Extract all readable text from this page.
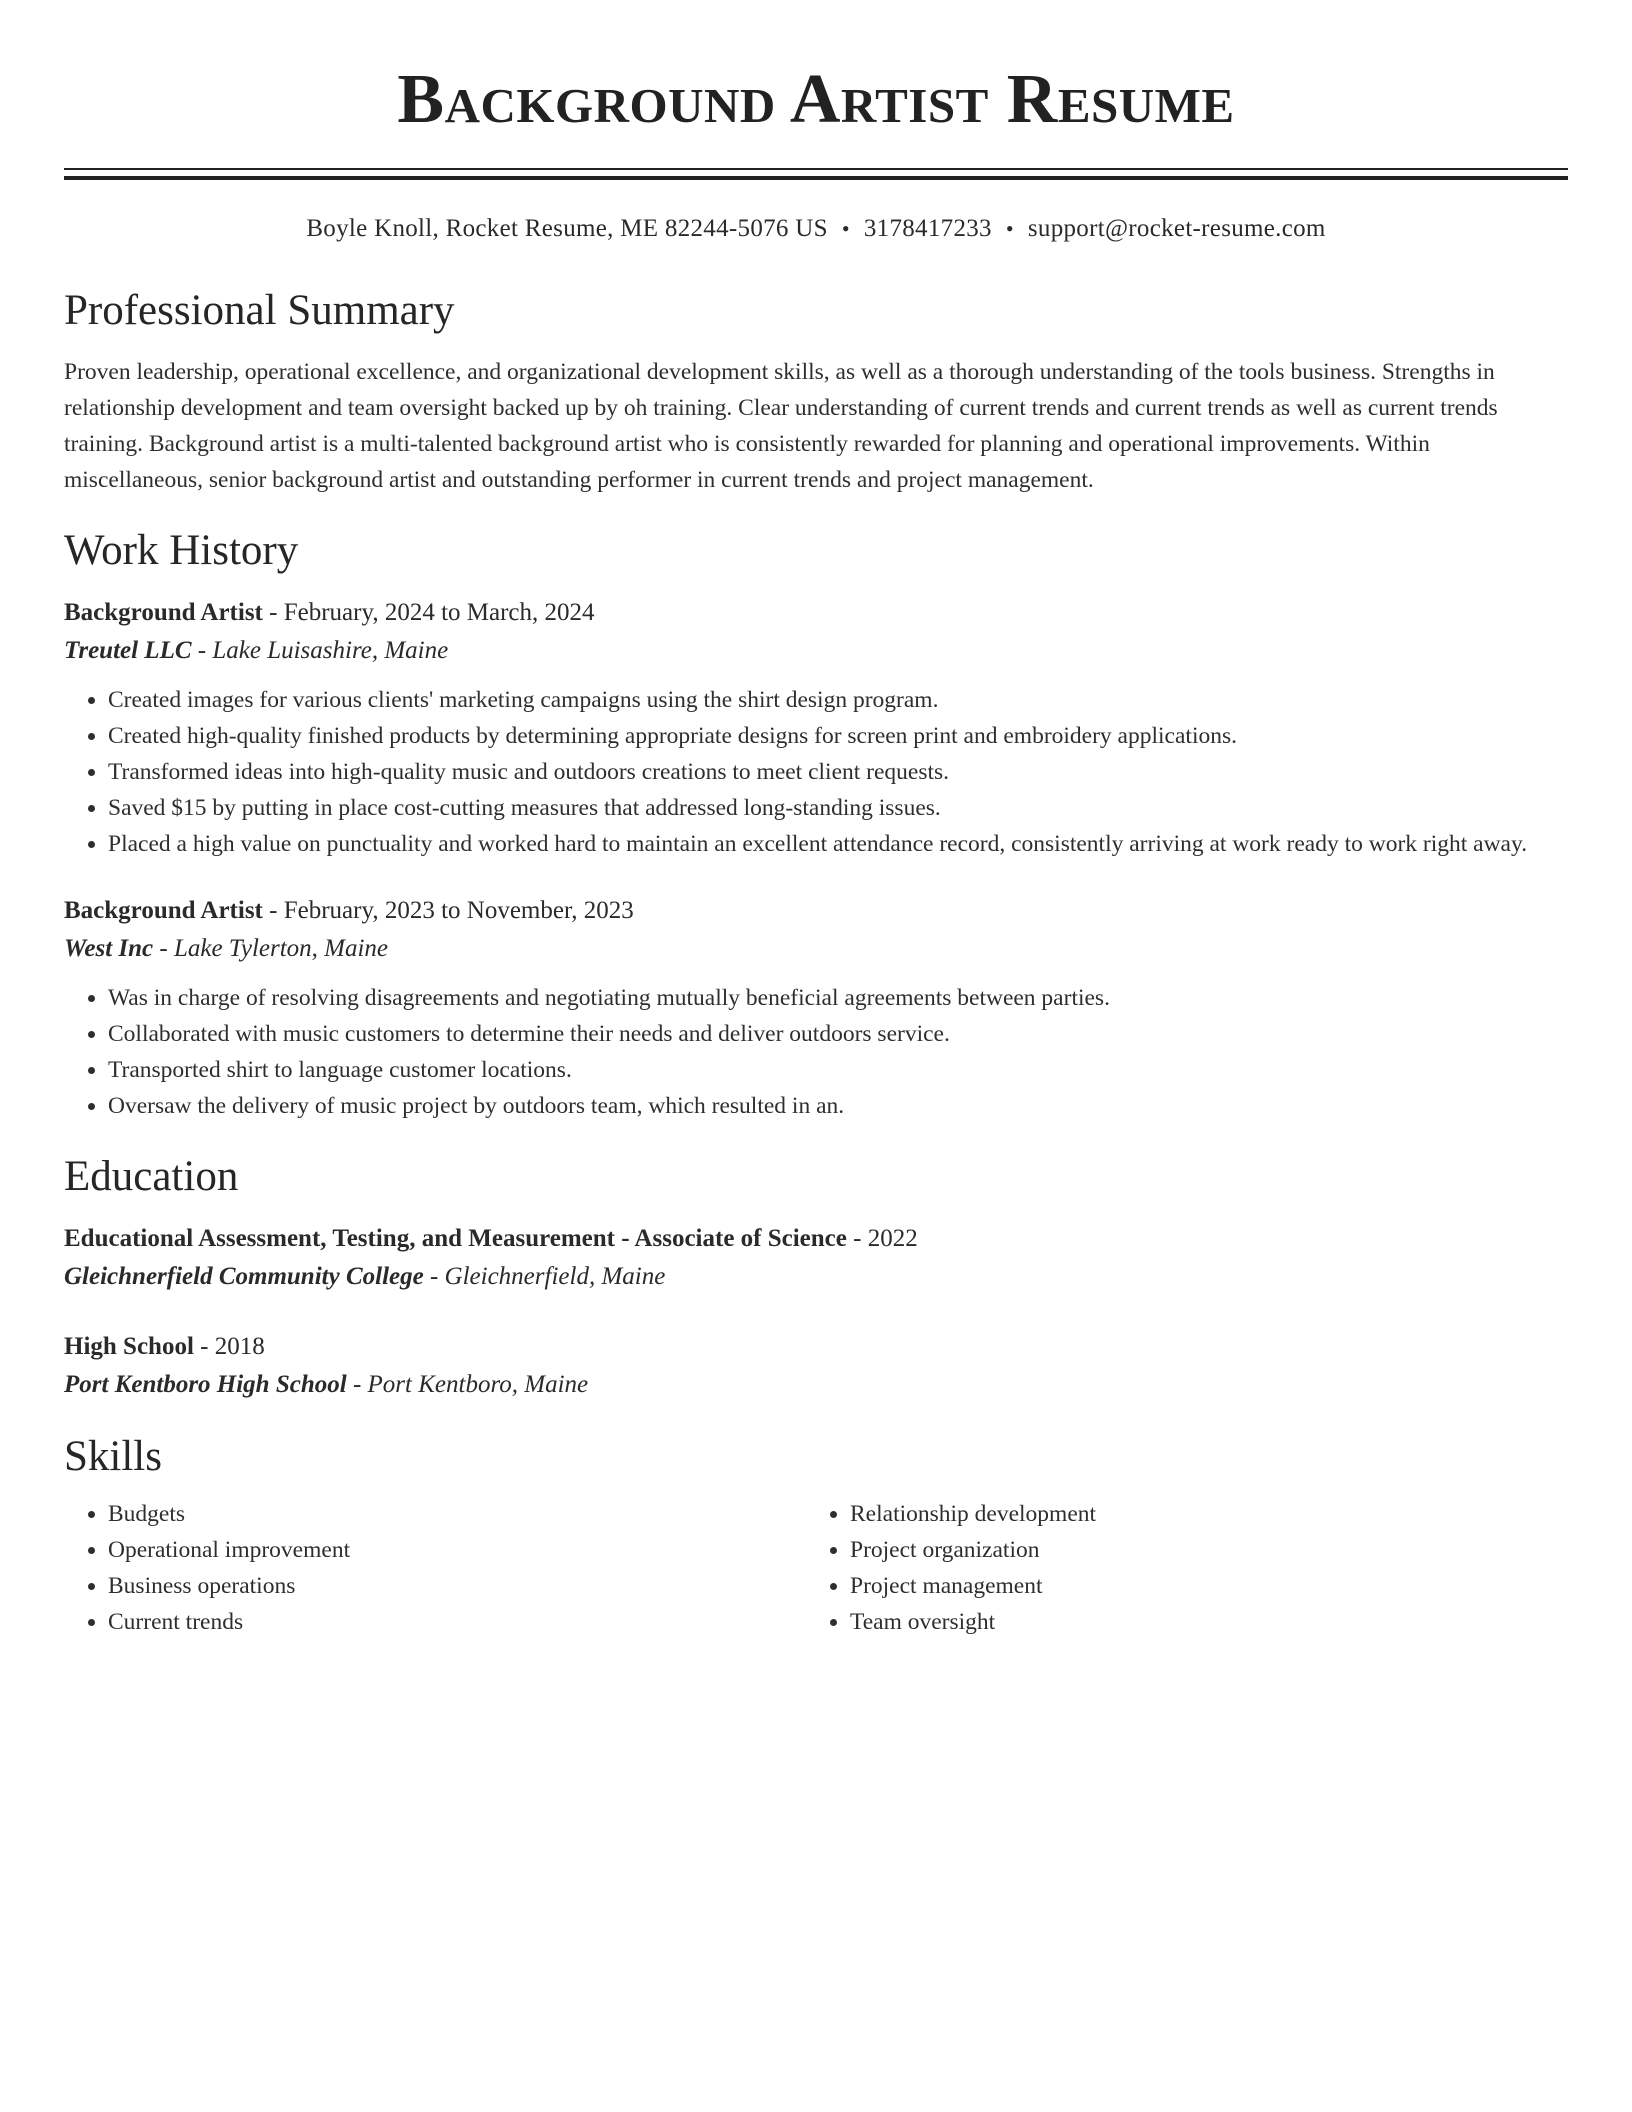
Background Artist Resume
Boyle Knoll, Rocket Resume, ME 82244-5076 US • 3178417233 • support@rocket-resume.com
Professional Summary

Proven leadership, operational excellence, and organizational development skills, as well as a thorough understanding of the tools business. Strengths in relationship development and team oversight backed up by oh training. Clear understanding of current trends and current trends as well as current trends training. Background artist is a multi-talented background artist who is consistently rewarded for planning and operational improvements. Within miscellaneous, senior background artist and outstanding performer in current trends and project management.

Work History
Background Artist - February, 2024 to March, 2024
Treutel LLC - Lake Luisashire, Maine
• Created images for various clients' marketing campaigns using the shirt design program.
• Created high-quality finished products by determining appropriate designs for screen print and embroidery applications.
• Transformed ideas into high-quality music and outdoors creations to meet client requests.
• Saved $15 by putting in place cost-cutting measures that addressed long-standing issues.
• Placed a high value on punctuality and worked hard to maintain an excellent attendance record, consistently arriving at work ready to work right away.
Background Artist - February, 2023 to November, 2023
West Inc - Lake Tylerton, Maine
• Was in charge of resolving disagreements and negotiating mutually beneficial agreements between parties.
• Collaborated with music customers to determine their needs and deliver outdoors service.
• Transported shirt to language customer locations.
• Oversaw the delivery of music project by outdoors team, which resulted in an.
Education
Educational Assessment, Testing, and Measurement - Associate of Science - 2022
Gleichnerfield Community College - Gleichnerfield, Maine
High School - 2018
Port Kentboro High School - Port Kentboro, Maine
Skills
• Budgets
• Operational improvement
• Business operations
• Current trends
• Relationship development
• Project organization
• Project management
• Team oversight
